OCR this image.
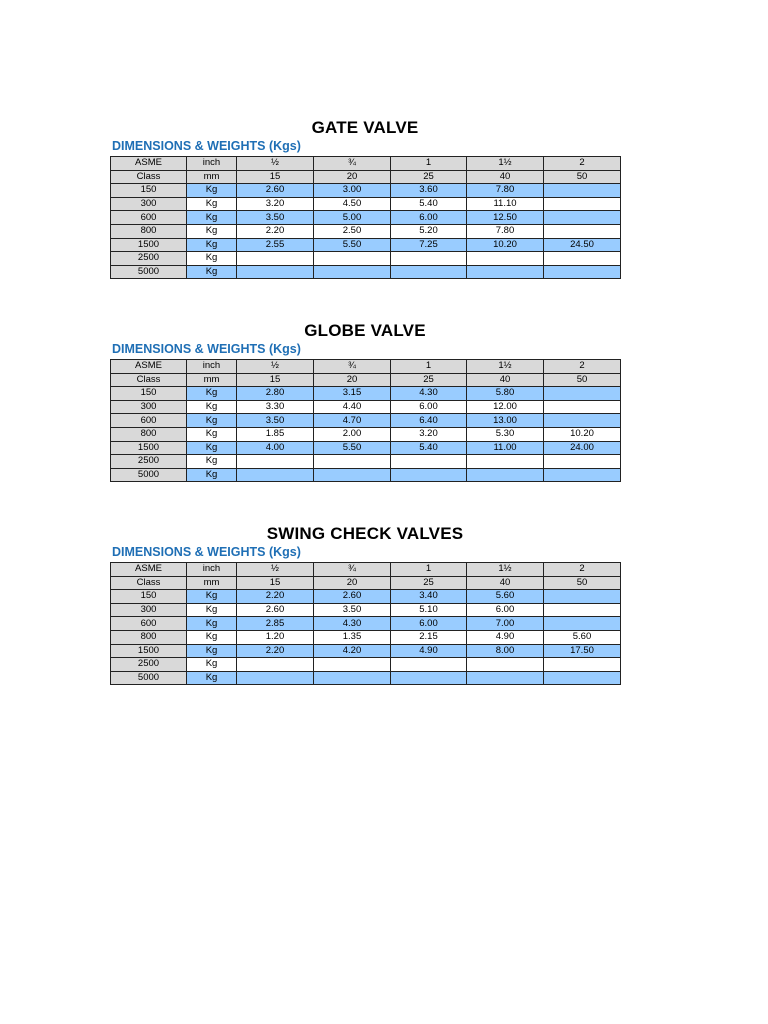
GATE VALVE
DIMENSIONS & WEIGHTS (Kgs)
ASME	inch	½	¾	1	1½	2
Class	mm	15	20	25	40	50
150	Kg	2.60	3.00	3.60	7.80	
300	Kg	3.20	4.50	5.40	11.10	
600	Kg	3.50	5.00	6.00	12.50	
800	Kg	2.20	2.50	5.20	7.80	
1500	Kg	2.55	5.50	7.25	10.20	24.50
2500	Kg					
5000	Kg					
GLOBE VALVE
DIMENSIONS & WEIGHTS (Kgs)
ASME	inch	½	¾	1	1½	2
Class	mm	15	20	25	40	50
150	Kg	2.80	3.15	4.30	5.80	
300	Kg	3.30	4.40	6.00	12.00	
600	Kg	3.50	4.70	6.40	13.00	
800	Kg	1.85	2.00	3.20	5.30	10.20
1500	Kg	4.00	5.50	5.40	11.00	24.00
2500	Kg					
5000	Kg					
SWING CHECK VALVES
DIMENSIONS & WEIGHTS (Kgs)
ASME	inch	½	¾	1	1½	2
Class	mm	15	20	25	40	50
150	Kg	2.20	2.60	3.40	5.60	
300	Kg	2.60	3.50	5.10	6.00	
600	Kg	2.85	4.30	6.00	7.00	
800	Kg	1.20	1.35	2.15	4.90	5.60
1500	Kg	2.20	4.20	4.90	8.00	17.50
2500	Kg					
5000	Kg					
